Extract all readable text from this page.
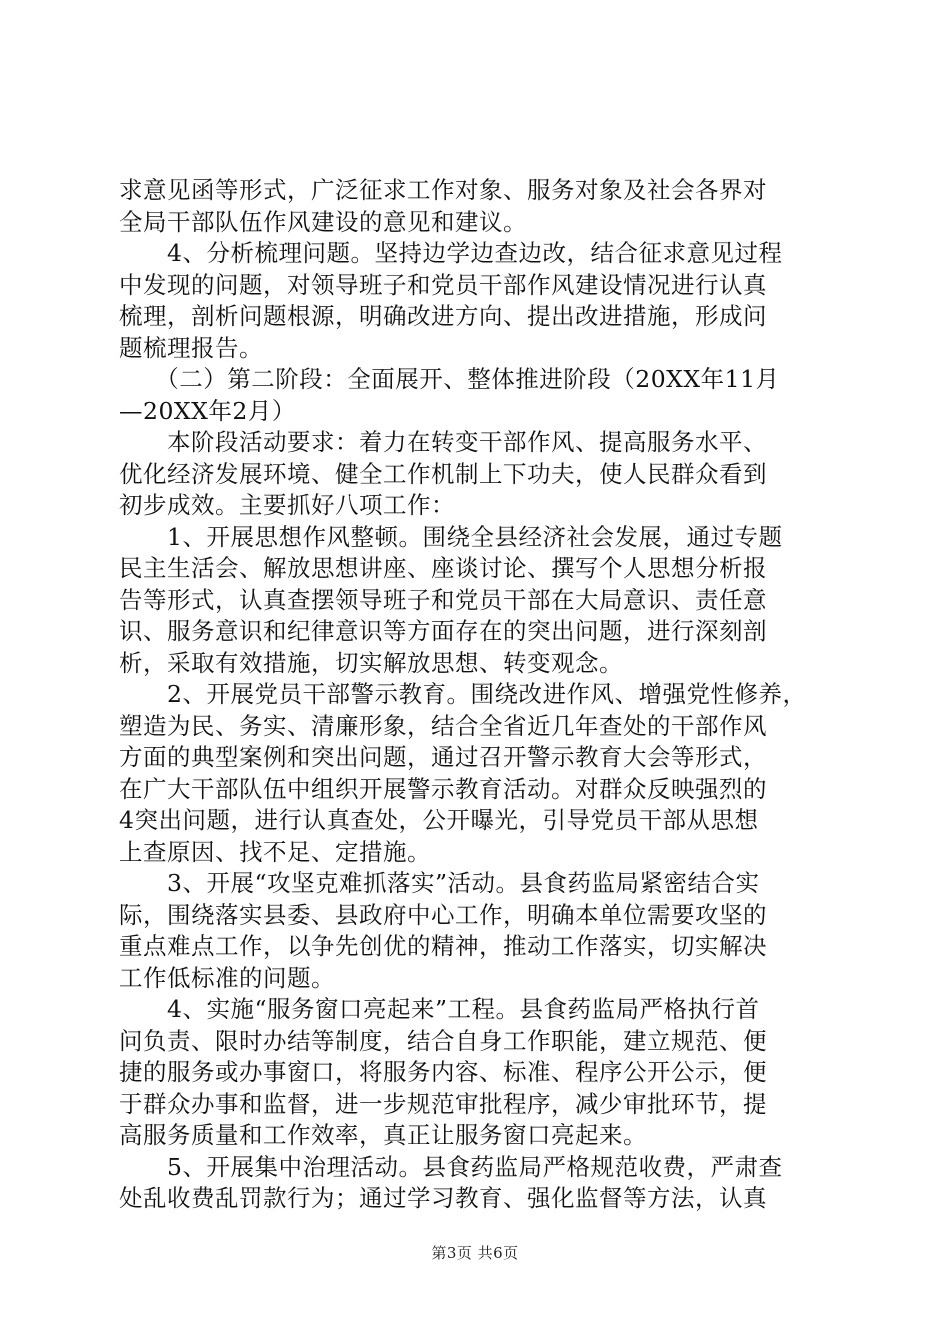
求意见函等形式，广泛征求工作对象、服务对象及社会各界对
全局干部队伍作风建设的意见和建议。
　　4、分析梳理问题。坚持边学边查边改，结合征求意见过程
中发现的问题，对领导班子和党员干部作风建设情况进行认真
梳理，剖析问题根源，明确改进方向、提出改进措施，形成问
题梳理报告。
　　（二）第二阶段：全面展开、整体推进阶段（20XX年11月
—20XX年2月）
　　本阶段活动要求：着力在转变干部作风、提高服务水平、
优化经济发展环境、健全工作机制上下功夫，使人民群众看到
初步成效。主要抓好八项工作：
　　1、开展思想作风整顿。围绕全县经济社会发展，通过专题
民主生活会、解放思想讲座、座谈讨论、撰写个人思想分析报
告等形式，认真查摆领导班子和党员干部在大局意识、责任意
识、服务意识和纪律意识等方面存在的突出问题，进行深刻剖
析，采取有效措施，切实解放思想、转变观念。
　　2、开展党员干部警示教育。围绕改进作风、增强党性修养，
塑造为民、务实、清廉形象，结合全省近几年查处的干部作风
方面的典型案例和突出问题，通过召开警示教育大会等形式，
在广大干部队伍中组织开展警示教育活动。对群众反映强烈的
4突出问题，进行认真查处，公开曝光，引导党员干部从思想
上查原因、找不足、定措施。
　　3、开展“攻坚克难抓落实”活动。县食药监局紧密结合实
际，围绕落实县委、县政府中心工作，明确本单位需要攻坚的
重点难点工作，以争先创优的精神，推动工作落实，切实解决
工作低标准的问题。
　　4、实施“服务窗口亮起来”工程。县食药监局严格执行首
问负责、限时办结等制度，结合自身工作职能，建立规范、便
捷的服务或办事窗口，将服务内容、标准、程序公开公示，便
于群众办事和监督，进一步规范审批程序，减少审批环节，提
高服务质量和工作效率，真正让服务窗口亮起来。
　　5、开展集中治理活动。县食药监局严格规范收费，严肃查
处乱收费乱罚款行为；通过学习教育、强化监督等方法，认真
第3页 共6页
